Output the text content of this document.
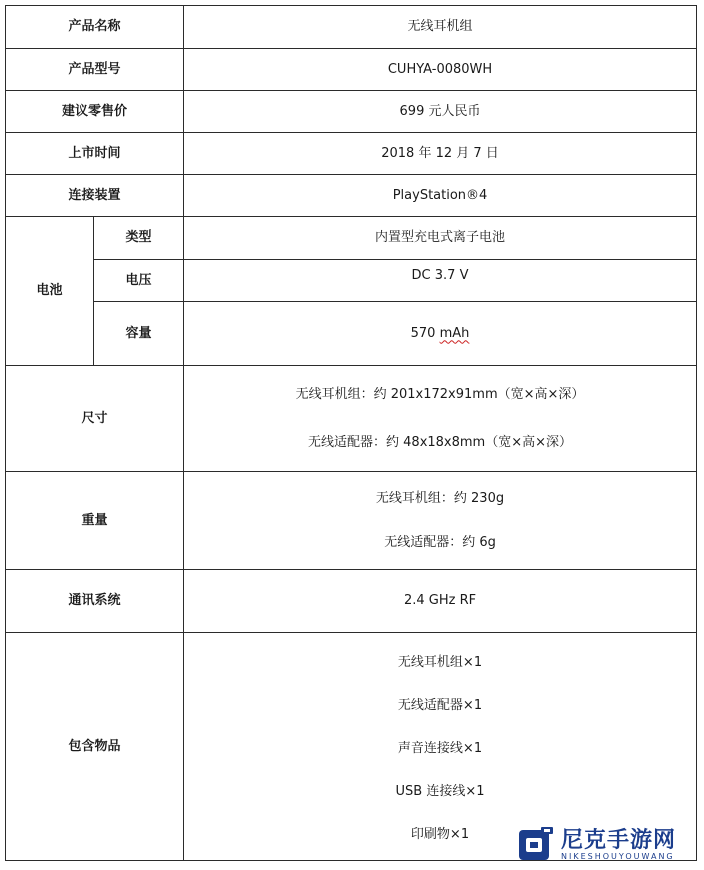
产品名称		无线耳机组
产品型号		CUHYA-0080WH
建议零售价		699 元人民币
上市时间		2018 年 12 月 7 日
连接装置		PlayStation®4
电池	类型	内置型充电式离子电池
	电压	DC 3.7 V
	容量	570 mAh
尺寸		无线耳机组：约 201x172x91mm（宽×高×深）
无线适配器：约 48x18x8mm（宽×高×深）

重量		无线耳机组：约 230g
无线适配器：约 6g

通讯系统		2.4 GHz RF
包含物品		无线耳机组×1
无线适配器×1
声音连接线×1
USB 连接线×1
印刷物×1	尼克手游网
NIKESHOUYOUWANG
